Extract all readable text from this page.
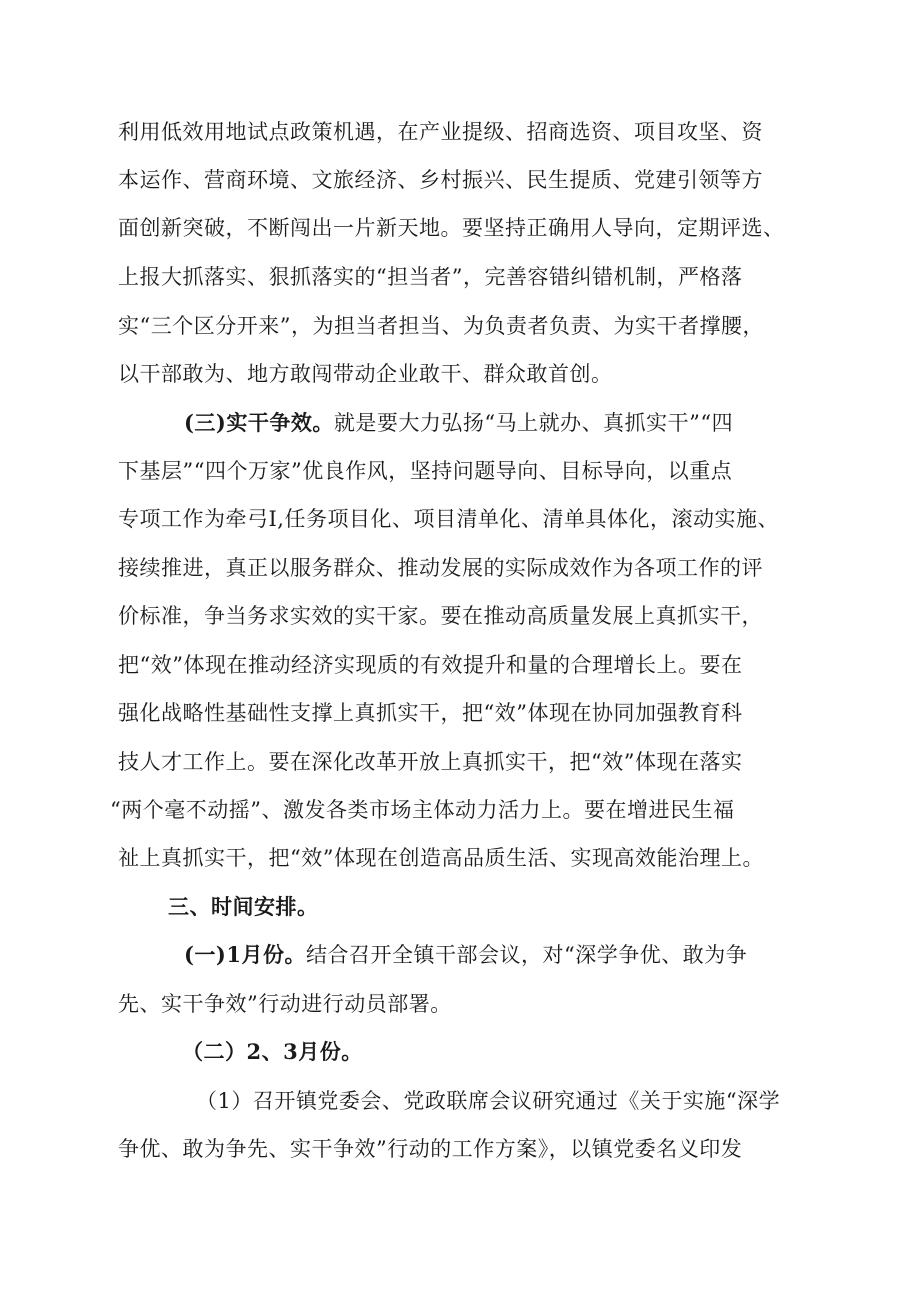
利用低效用地试点政策机遇，在产业提级、招商选资、项目攻坚、资
本运作、营商环境、文旅经济、乡村振兴、民生提质、党建引领等方
面创新突破，不断闯出一片新天地。要坚持正确用人导向，定期评选、
上报大抓落实、狠抓落实的“担当者”，完善容错纠错机制，严格落
实“三个区分开来”，为担当者担当、为负责者负责、为实干者撑腰，
以干部敢为、地方敢闯带动企业敢干、群众敢首创。
(三)实干争效。就是要大力弘扬“马上就办、真抓实干”“四
下基层”“四个万家”优良作风，坚持问题导向、目标导向，以重点
专项工作为牵弓I,任务项目化、项目清单化、清单具体化，滚动实施、
接续推进，真正以服务群众、推动发展的实际成效作为各项工作的评
价标准，争当务求实效的实干家。要在推动高质量发展上真抓实干，
把“效”体现在推动经济实现质的有效提升和量的合理增长上。要在
强化战略性基础性支撑上真抓实干，把“效”体现在协同加强教育科
技人才工作上。要在深化改革开放上真抓实干，把“效”体现在落实
“两个毫不动摇”、激发各类市场主体动力活力上。要在增进民生福
祉上真抓实干，把“效”体现在创造高品质生活、实现高效能治理上。
三、时间安排。
(一)1月份。结合召开全镇干部会议，对“深学争优、敢为争
先、实干争效”行动进行动员部署。
（二）2、3月份。
（1）召开镇党委会、党政联席会议研究通过《关于实施“深学
争优、敢为争先、实干争效”行动的工作方案》，以镇党委名义印发
